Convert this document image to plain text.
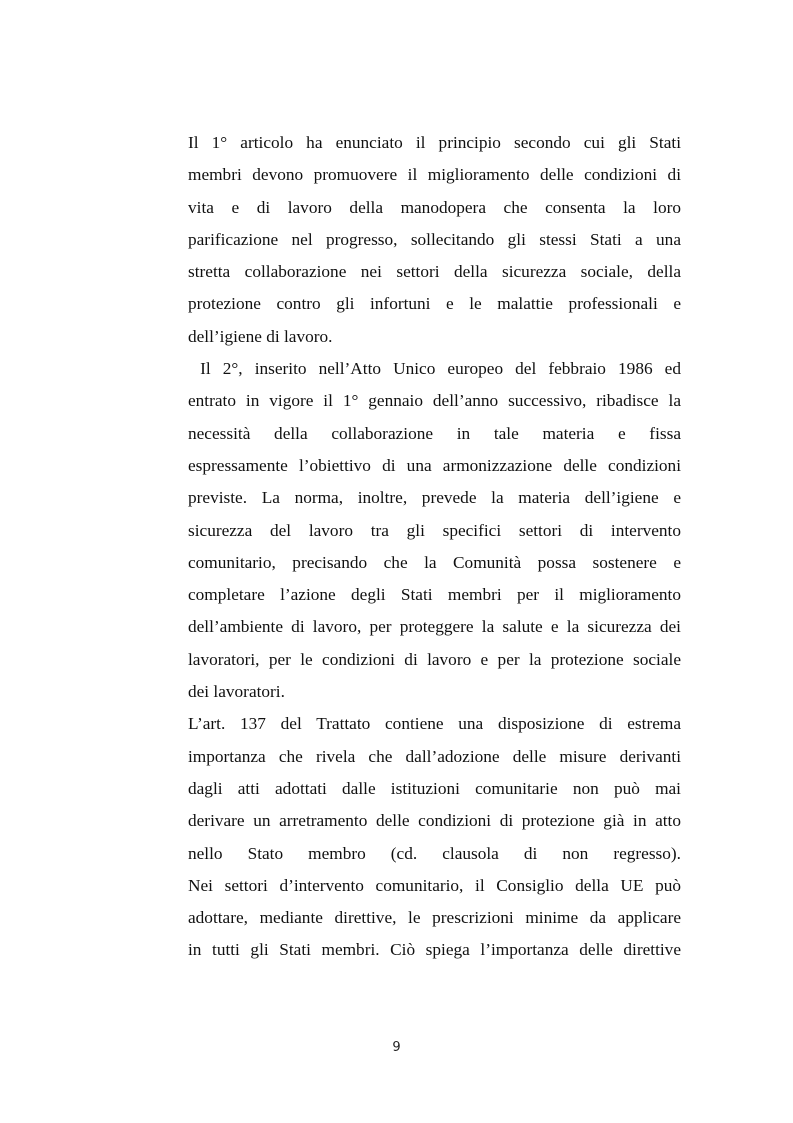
Il 1° articolo ha enunciato il principio secondo cui gli Stati
membri devono promuovere il miglioramento delle condizioni di
vita e di lavoro della manodopera che consenta la loro
parificazione nel progresso, sollecitando gli stessi Stati a una
stretta collaborazione nei settori della sicurezza sociale, della
protezione contro gli infortuni e le malattie professionali e
dell’igiene di lavoro.
Il 2°, inserito nell’Atto Unico europeo del febbraio 1986 ed
entrato in vigore il 1° gennaio dell’anno successivo, ribadisce la
necessità della collaborazione in tale materia e fissa
espressamente l’obiettivo di una armonizzazione delle condizioni
previste. La norma, inoltre, prevede la materia dell’igiene e
sicurezza del lavoro tra gli specifici settori di intervento
comunitario, precisando che la Comunità possa sostenere e
completare l’azione degli Stati membri per il miglioramento
dell’ambiente di lavoro, per proteggere la salute e la sicurezza dei
lavoratori, per le condizioni di lavoro e per la protezione sociale
dei lavoratori.
L’art. 137 del Trattato contiene una disposizione di estrema
importanza che rivela che dall’adozione delle misure derivanti
dagli atti adottati dalle istituzioni comunitarie non può mai
derivare un arretramento delle condizioni di protezione già in atto
nello Stato membro (cd. clausola di non regresso).
Nei settori d’intervento comunitario, il Consiglio della UE può
adottare, mediante direttive, le prescrizioni minime da applicare
in tutti gli Stati membri. Ciò spiega l’importanza delle direttive
9
